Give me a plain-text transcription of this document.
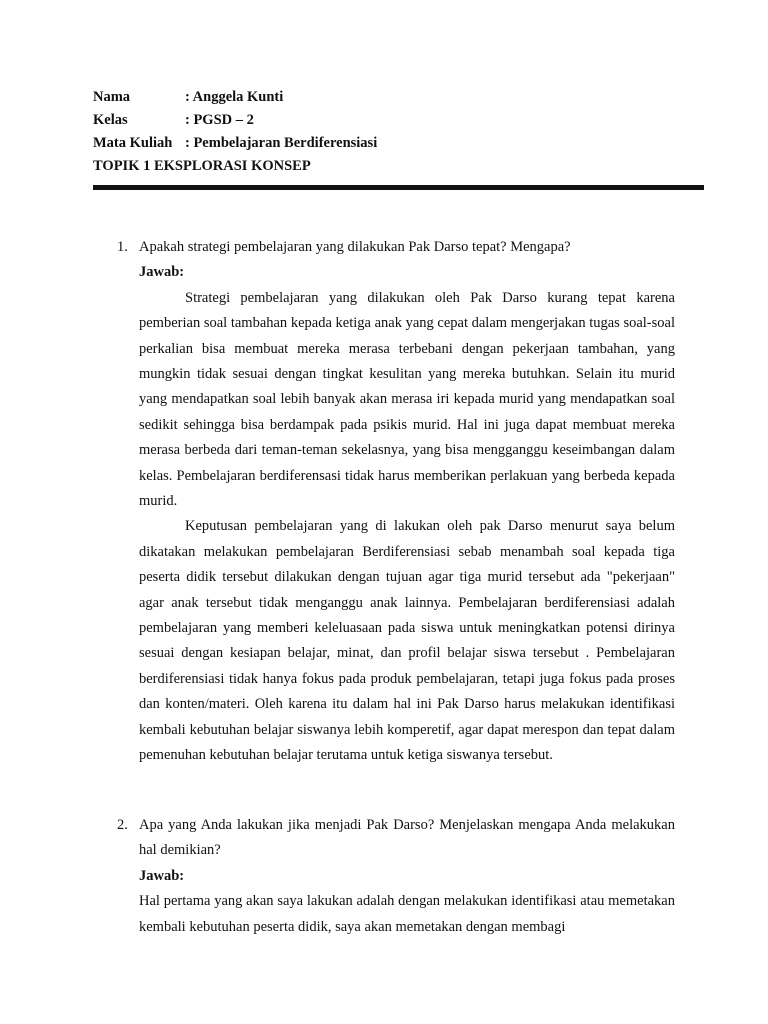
Nama	: Anggela Kunti
Kelas	: PGSD – 2
Mata Kuliah : Pembelajaran Berdiferensiasi
TOPIK 1 EKSPLORASI KONSEP
1. Apakah strategi pembelajaran yang dilakukan Pak Darso tepat? Mengapa?
Jawab:

Strategi pembelajaran yang dilakukan oleh Pak Darso kurang tepat karena pemberian soal tambahan kepada ketiga anak yang cepat dalam mengerjakan tugas soal-soal perkalian bisa membuat mereka merasa terbebani dengan pekerjaan tambahan, yang mungkin tidak sesuai dengan tingkat kesulitan yang mereka butuhkan. Selain itu murid yang mendapatkan soal lebih banyak akan merasa iri kepada murid yang mendapatkan soal sedikit sehingga bisa berdampak pada psikis murid. Hal ini juga dapat membuat mereka merasa berbeda dari teman-teman sekelasnya, yang bisa mengganggu keseimbangan dalam kelas. Pembelajaran berdiferensasi tidak harus memberikan perlakuan yang berbeda kepada murid.

Keputusan pembelajaran yang di lakukan oleh pak Darso menurut saya belum dikatakan melakukan pembelajaran Berdiferensiasi sebab menambah soal kepada tiga peserta didik tersebut dilakukan dengan tujuan agar tiga murid tersebut ada "pekerjaan" agar anak tersebut tidak menganggu anak lainnya. Pembelajaran berdiferensiasi adalah pembelajaran yang memberi keleluasaan pada siswa untuk meningkatkan potensi dirinya sesuai dengan kesiapan belajar, minat, dan profil belajar siswa tersebut . Pembelajaran berdiferensiasi tidak hanya fokus pada produk pembelajaran, tetapi juga fokus pada proses dan konten/materi. Oleh karena itu dalam hal ini Pak Darso harus melakukan identifikasi kembali kebutuhan belajar siswanya lebih komperetif, agar dapat merespon dan tepat dalam pemenuhan kebutuhan belajar terutama untuk ketiga siswanya tersebut.

2. Apa yang Anda lakukan jika menjadi Pak Darso? Menjelaskan mengapa Anda melakukan hal demikian?

Jawab:

Hal pertama yang akan saya lakukan adalah dengan melakukan identifikasi atau memetakan kembali kebutuhan peserta didik, saya akan memetakan dengan membagi
